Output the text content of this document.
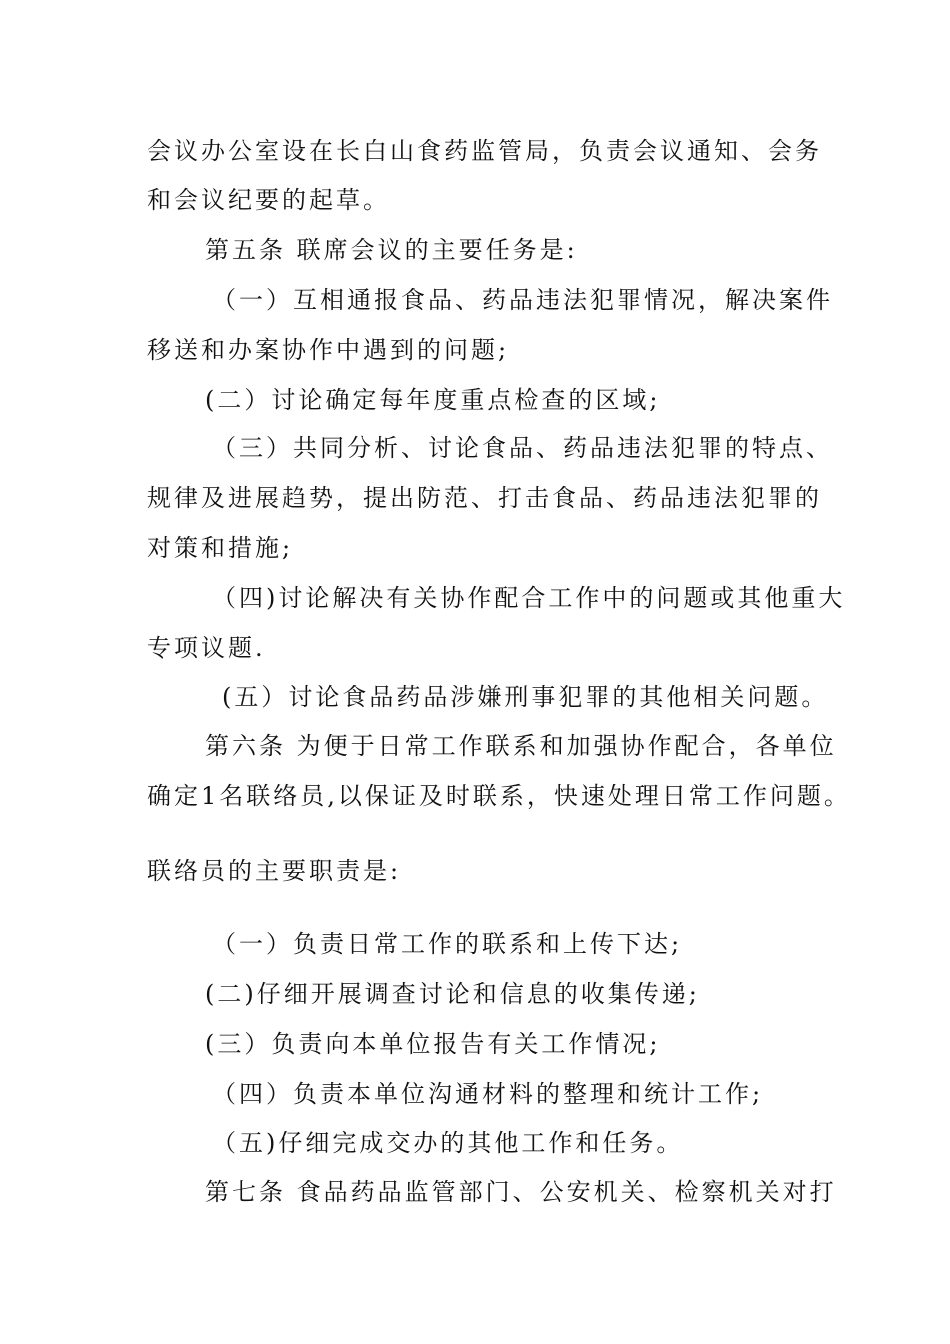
会议办公室设在长白山食药监管局，负责会议通知、会务
和会议纪要的起草。
第五条 联席会议的主要任务是:
（一）互相通报食品、药品违法犯罪情况，解决案件
移送和办案协作中遇到的问题;
(二）讨论确定每年度重点检查的区域;
（三）共同分析、讨论食品、药品违法犯罪的特点、
规律及进展趋势，提出防范、打击食品、药品违法犯罪的
对策和措施;
（四)讨论解决有关协作配合工作中的问题或其他重大
专项议题.
(五）讨论食品药品涉嫌刑事犯罪的其他相关问题。
第六条 为便于日常工作联系和加强协作配合，各单位
确定1名联络员,以保证及时联系，快速处理日常工作问题。
联络员的主要职责是:
（一）负责日常工作的联系和上传下达;
(二)仔细开展调查讨论和信息的收集传递;
(三）负责向本单位报告有关工作情况;
（四）负责本单位沟通材料的整理和统计工作;
（五)仔细完成交办的其他工作和任务。
第七条 食品药品监管部门、公安机关、检察机关对打
